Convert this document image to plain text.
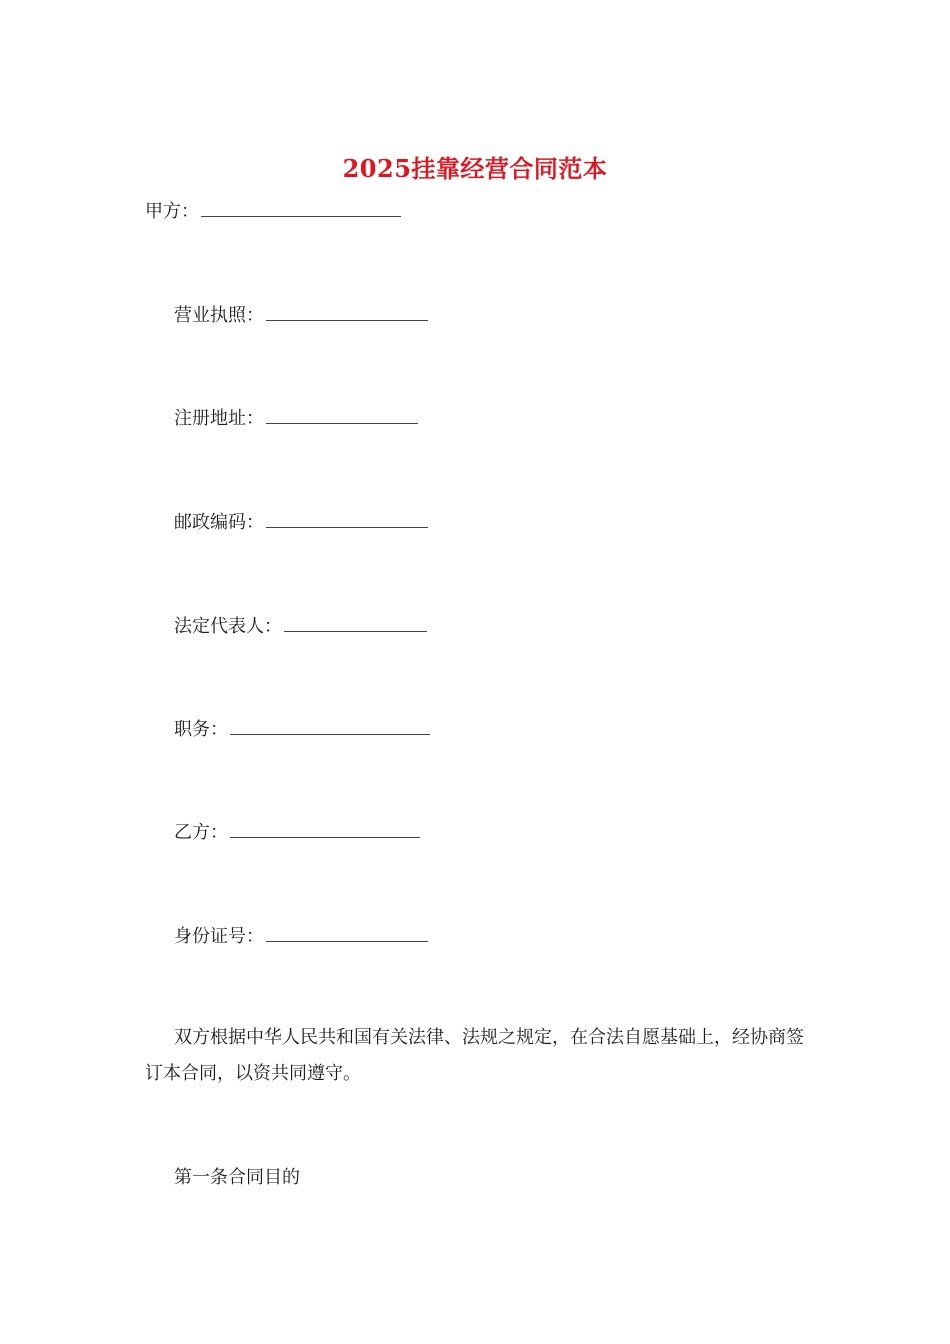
2025挂靠经营合同范本
甲方：
营业执照：
注册地址：
邮政编码：
法定代表人：
职务：
乙方：
身份证号：
双方根据中华人民共和国有关法律、法规之规定，在合法自愿基础上，经协商签订本合同，以资共同遵守。
第一条合同目的
